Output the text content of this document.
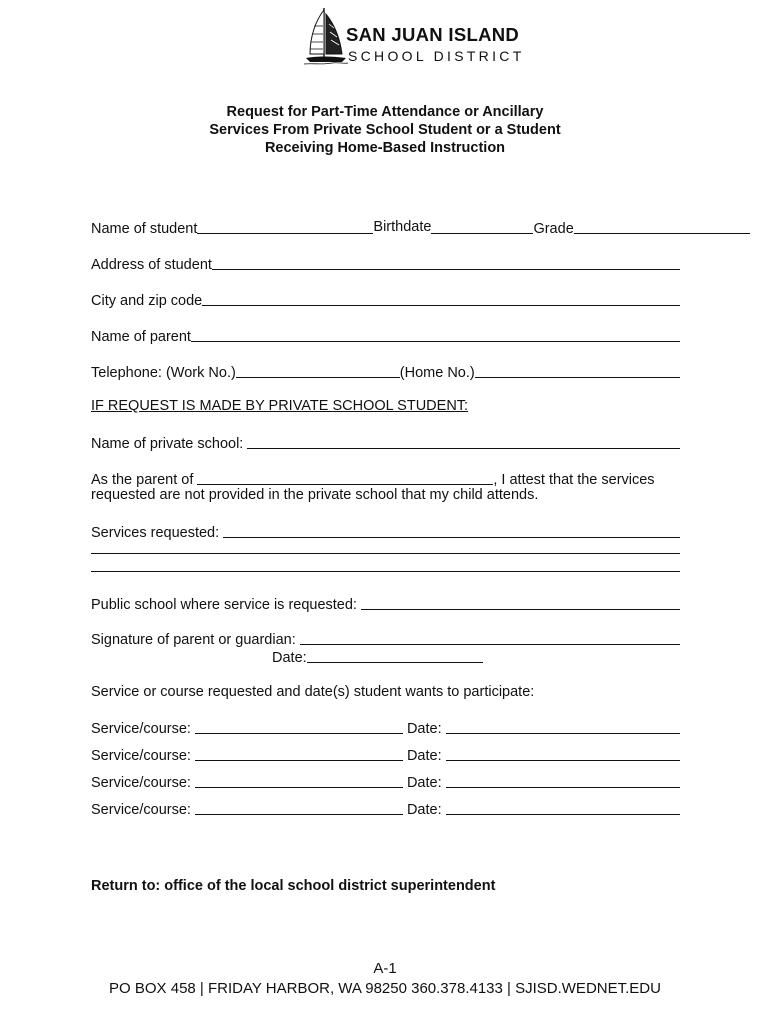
SAN JUAN ISLAND
SCHOOL DISTRICT
Request for Part-Time Attendance or Ancillary
Services From Private School Student or a Student
Receiving Home-Based Instruction
Name of student	Birthdate	Grade
Address of student
City and zip code
Name of parent
Telephone: (Work No.)	(Home No.)
IF REQUEST IS MADE BY PRIVATE SCHOOL STUDENT:
Name of private school:
As the parent of	, I attest that the services
requested are not provided in the private school that my child attends.
Services requested:
Public school where service is requested:
Signature of parent or guardian:
Date:
Service or course requested and date(s) student wants to participate:
Service/course:	Date:
Service/course:	Date:
Service/course:	Date:
Service/course:	Date:
Return to: office of the local school district superintendent
A-1
PO BOX 458 | FRIDAY HARBOR, WA 98250 360.378.4133 | SJISD.WEDNET.EDU
